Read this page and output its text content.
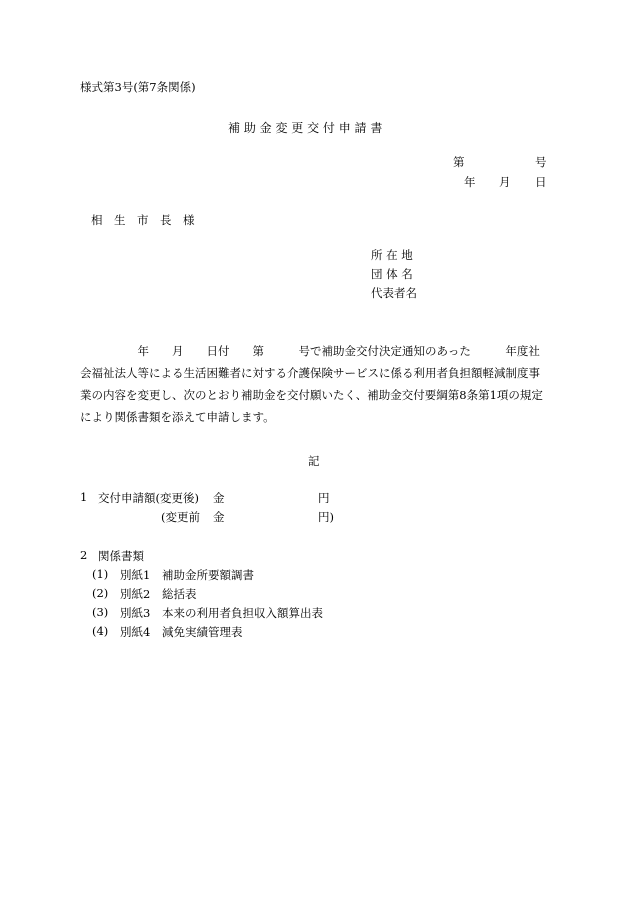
様式第3号(第7条関係)
補 助 金 変 更 交 付 申 請 書
第	号
年 月 日
相　生　市　長　様
所 在 地
団 体 名
代表者名
　　　　　年　　月　　日付　　第　　　号で補助金交付決定通知のあった　　　年度社
会福祉法人等による生活困難者に対する介護保険サービスに係る利用者負担額軽減制度事
業の内容を変更し、次のとおり補助金を交付願いたく、補助金交付要綱第8条第1項の規定
により関係書類を添えて申請します。
記
1 交付申請額(変更後) 金	円
(変更前 金	円)
2 関係書類
(1) 別紙1 補助金所要額調書
(2) 別紙2 総括表
(3) 別紙3 本来の利用者負担収入額算出表
(4) 別紙4 減免実績管理表
